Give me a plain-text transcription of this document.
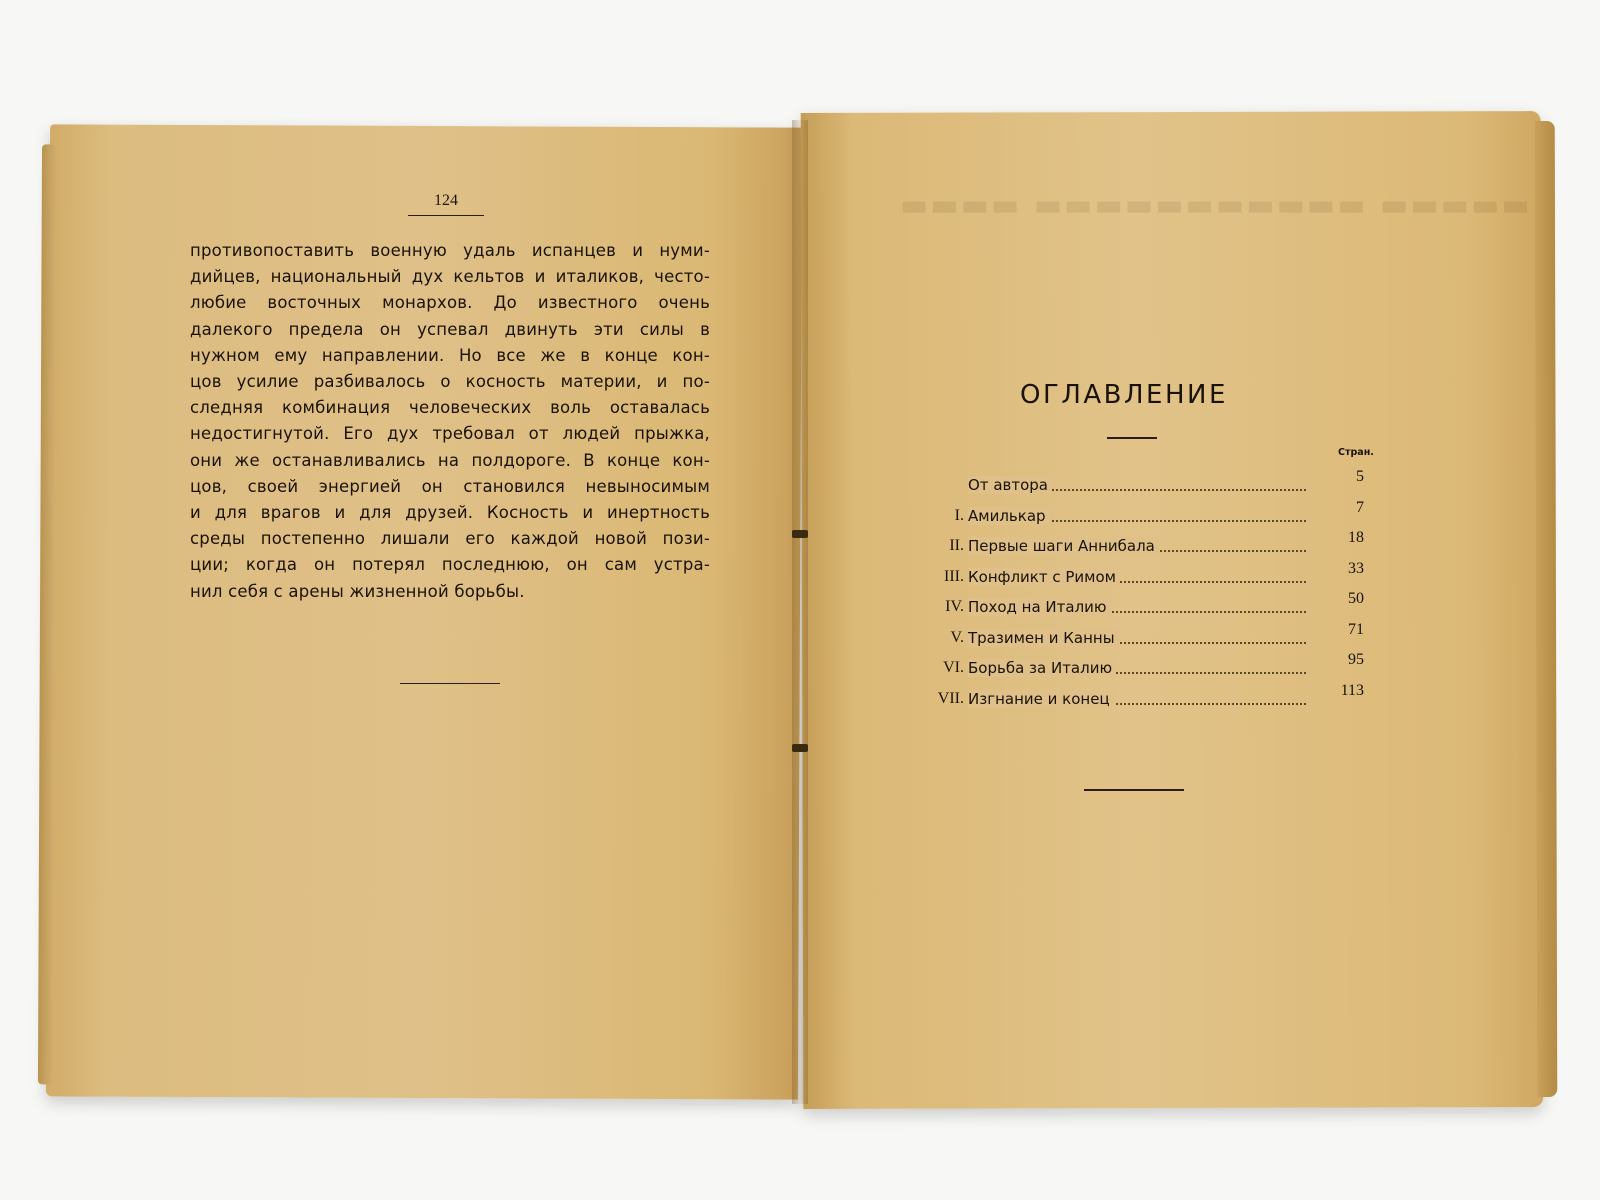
▬▬▬▬ ▬▬▬▬▬▬▬▬▬▬▬ ▬▬▬▬▬
124
противопоставить военную удаль испанцев и нуми-
дийцев, национальный дух кельтов и италиков, често-
любие восточных монархов. До известного очень
далекого предела он успевал двинуть эти силы в
нужном ему направлении. Но все же в конце кон-
цов усилие разбивалось о косность материи, и по-
следняя комбинация человеческих воль оставалась
недостигнутой. Его дух требовал от людей прыжка,
они же останавливались на полдороге. В конце кон-
цов, своей энергией он становился невыносимым
и для врагов и для друзей. Косность и инертность
среды постепенно лишали его каждой новой пози-
ции; когда он потерял последнюю, он сам устра-
нил себя с арены жизненной борьбы.
ОГЛАВЛЕНИЕ
Стран.
От автора	5
I. Амилькар	7
II. Первые шаги Аннибала	18
III. Конфликт с Римом	33
IV. Поход на Италию	50
V. Тразимен и Канны	71
VI. Борьба за Италию	95
VII. Изгнание и конец	113
